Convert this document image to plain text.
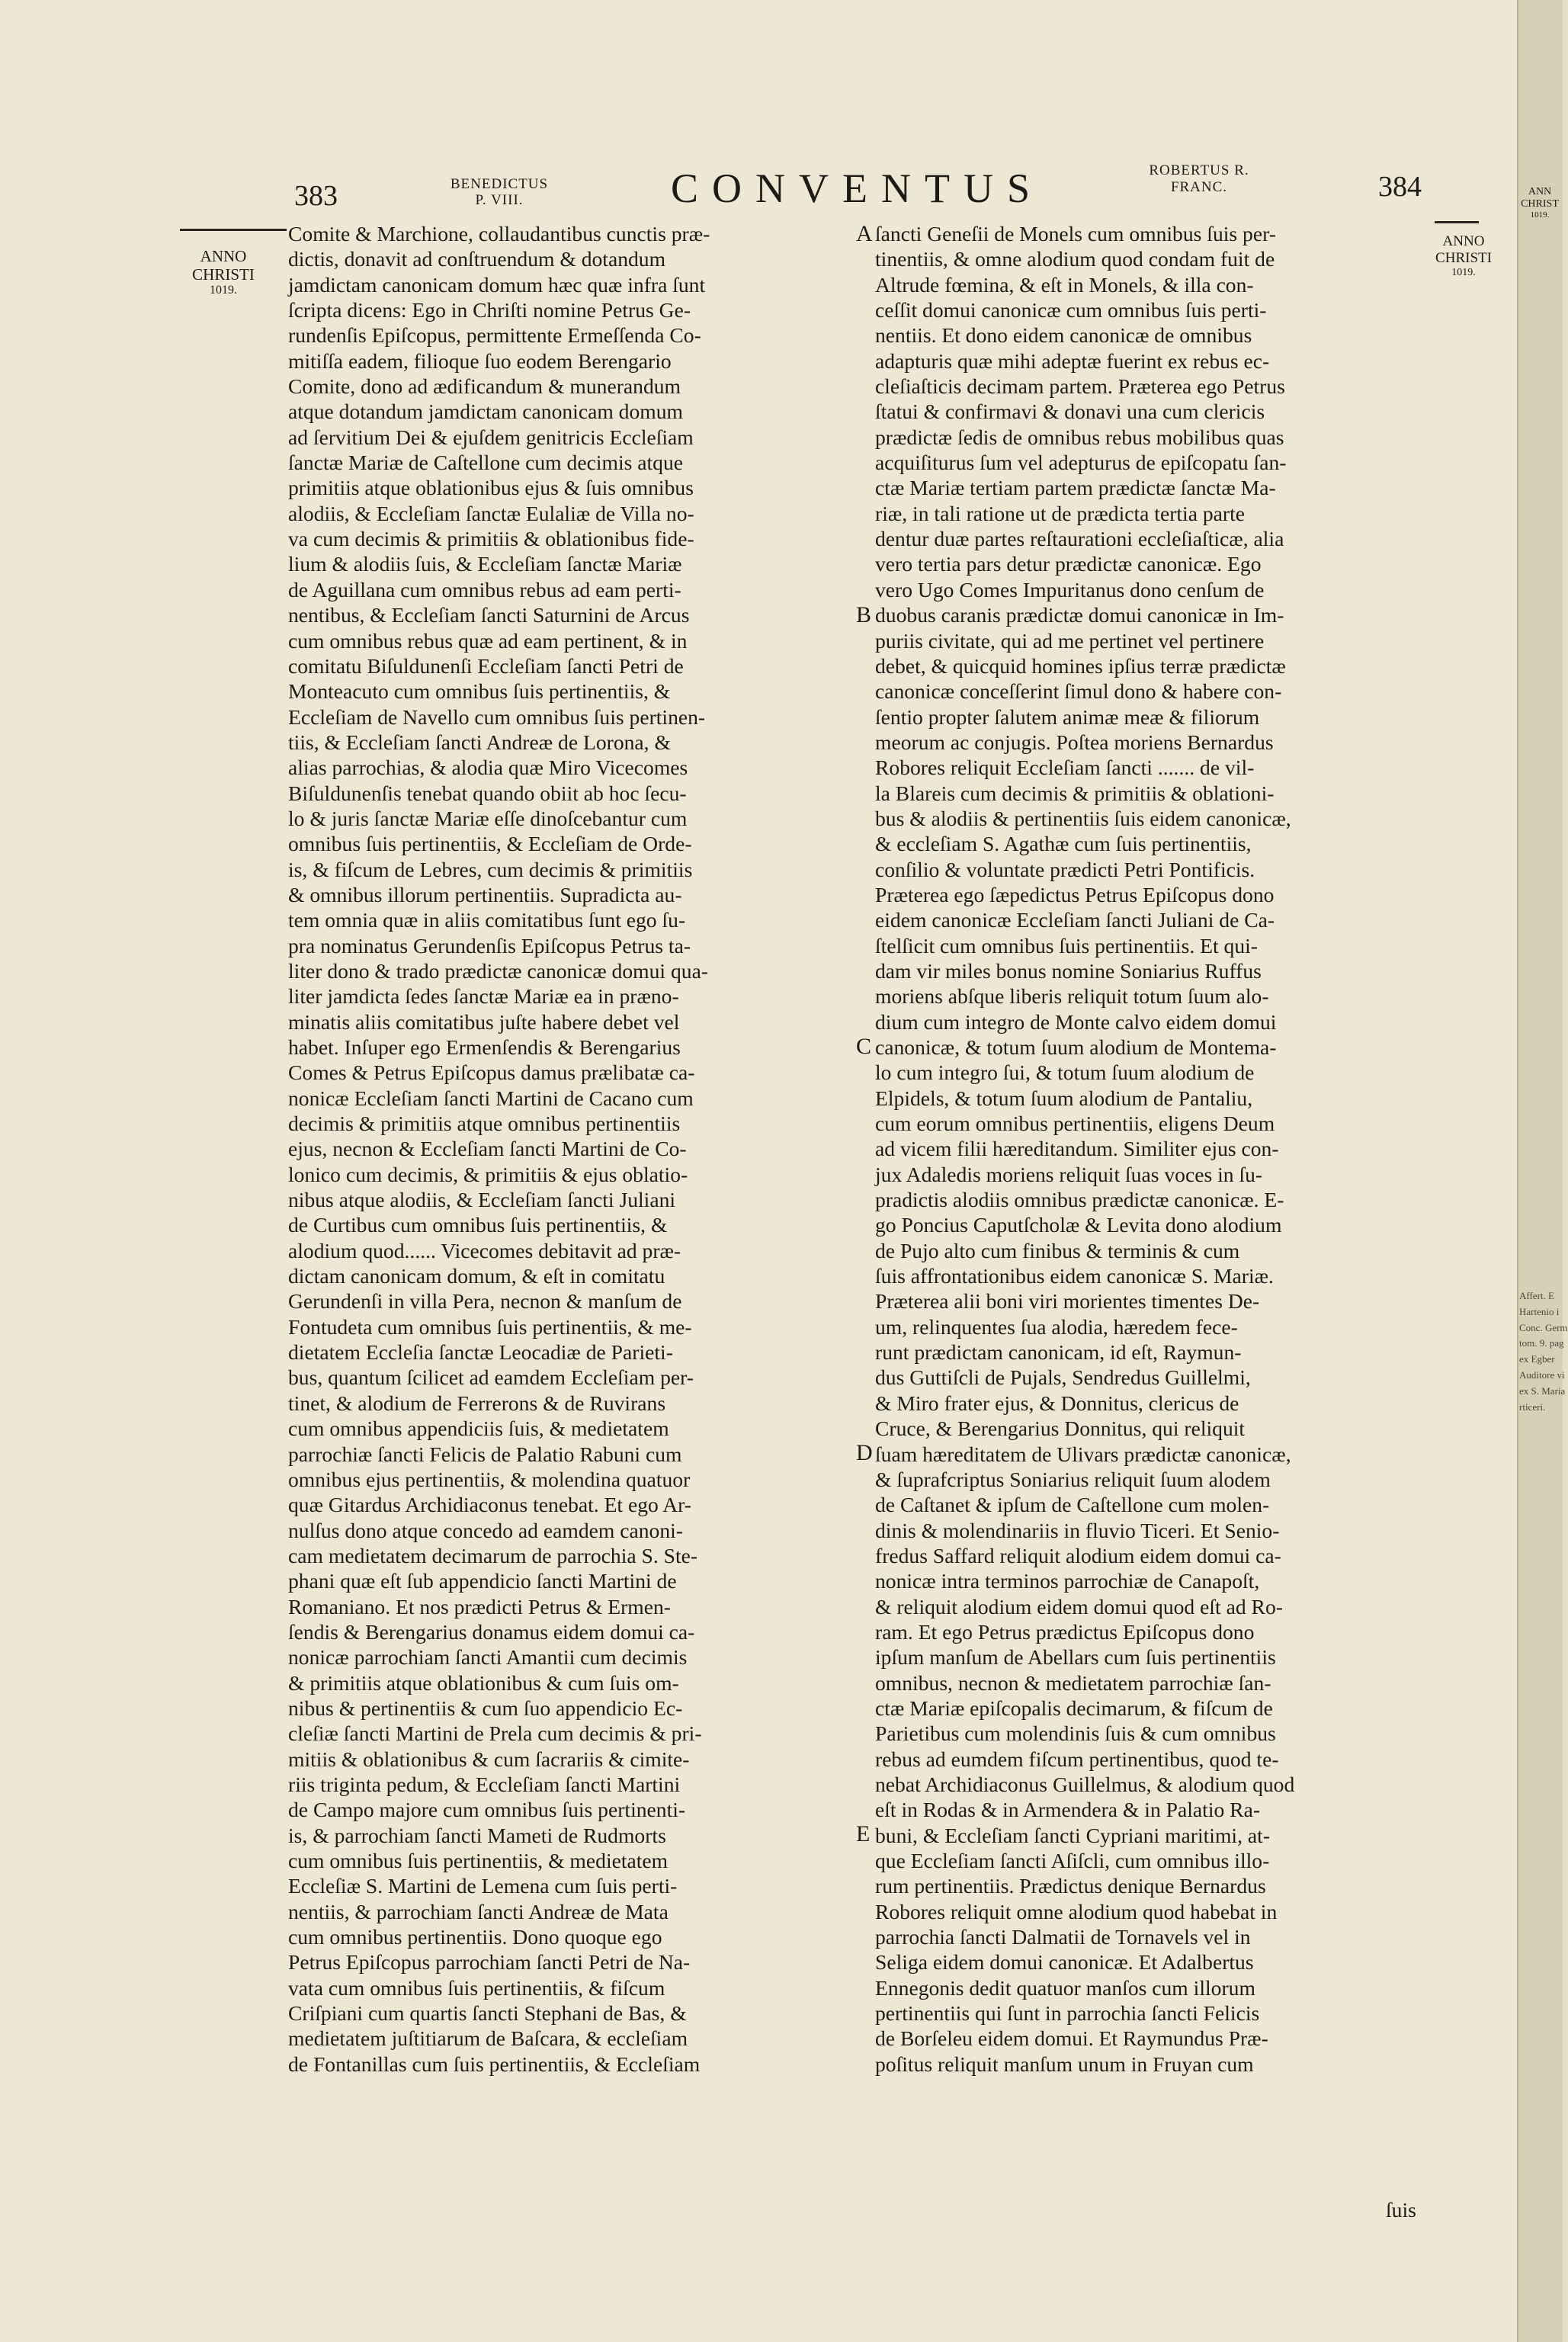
383	BENEDICTUS
P. VIII.	CONVENTUS	ROBERTUS R.
FRANC.	384
ANNO
CHRISTI
1019.
ANNO
CHRISTI
1019.
ANN
CHRIST
1019.
Affert. E
Hartenio i
Conc. Germ
tom. 9. pag
ex Egber
Auditore vi
ex S. Maria
rticeri.
A
B
C
D
E
Comite & Marchione, collaudantibus cunctis præ-
dictis, donavit ad conſtruendum & dotandum
jamdictam canonicam domum hæc quæ infra ſunt
ſcripta dicens: Ego in Chriſti nomine Petrus Ge-
rundenſis Epiſcopus, permittente Ermeſſenda Co-
mitiſſa eadem, filioque ſuo eodem Berengario
Comite, dono ad ædificandum & munerandum
atque dotandum jamdictam canonicam domum
ad ſervitium Dei & ejuſdem genitricis Eccleſiam
ſanctæ Mariæ de Caſtellone cum decimis atque
primitiis atque oblationibus ejus & ſuis omnibus
alodiis, & Eccleſiam ſanctæ Eulaliæ de Villa no-
va cum decimis & primitiis & oblationibus fide-
lium & alodiis ſuis, & Eccleſiam ſanctæ Mariæ
de Aguillana cum omnibus rebus ad eam perti-
nentibus, & Eccleſiam ſancti Saturnini de Arcus
cum omnibus rebus quæ ad eam pertinent, & in
comitatu Biſuldunenſi Eccleſiam ſancti Petri de
Monteacuto cum omnibus ſuis pertinentiis, &
Eccleſiam de Navello cum omnibus ſuis pertinen-
tiis, & Eccleſiam ſancti Andreæ de Lorona, &
alias parrochias, & alodia quæ Miro Vicecomes
Biſuldunenſis tenebat quando obiit ab hoc ſecu-
lo & juris ſanctæ Mariæ eſſe dinoſcebantur cum
omnibus ſuis pertinentiis, & Eccleſiam de Orde-
is, & fiſcum de Lebres, cum decimis & primitiis
& omnibus illorum pertinentiis. Supradicta au-
tem omnia quæ in aliis comitatibus ſunt ego ſu-
pra nominatus Gerundenſis Epiſcopus Petrus ta-
liter dono & trado prædictæ canonicæ domui qua-
liter jamdicta ſedes ſanctæ Mariæ ea in præno-
minatis aliis comitatibus juſte habere debet vel
habet. Inſuper ego Ermenſendis & Berengarius
Comes & Petrus Epiſcopus damus prælibatæ ca-
nonicæ Eccleſiam ſancti Martini de Cacano cum
decimis & primitiis atque omnibus pertinentiis
ejus, necnon & Eccleſiam ſancti Martini de Co-
lonico cum decimis, & primitiis & ejus oblatio-
nibus atque alodiis, & Eccleſiam ſancti Juliani
de Curtibus cum omnibus ſuis pertinentiis, &
alodium quod...... Vicecomes debitavit ad præ-
dictam canonicam domum, & eſt in comitatu
Gerundenſi in villa Pera, necnon & manſum de
Fontudeta cum omnibus ſuis pertinentiis, & me-
dietatem Eccleſia ſanctæ Leocadiæ de Parieti-
bus, quantum ſcilicet ad eamdem Eccleſiam per-
tinet, & alodium de Ferrerons & de Ruvirans
cum omnibus appendiciis ſuis, & medietatem
parrochiæ ſancti Felicis de Palatio Rabuni cum
omnibus ejus pertinentiis, & molendina quatuor
quæ Gitardus Archidiaconus tenebat. Et ego Ar-
nulſus dono atque concedo ad eamdem canoni-
cam medietatem decimarum de parrochia S. Ste-
phani quæ eſt ſub appendicio ſancti Martini de
Romaniano. Et nos prædicti Petrus & Ermen-
ſendis & Berengarius donamus eidem domui ca-
nonicæ parrochiam ſancti Amantii cum decimis
& primitiis atque oblationibus & cum ſuis om-
nibus & pertinentiis & cum ſuo appendicio Ec-
cleſiæ ſancti Martini de Prela cum decimis & pri-
mitiis & oblationibus & cum ſacrariis & cimite-
riis triginta pedum, & Eccleſiam ſancti Martini
de Campo majore cum omnibus ſuis pertinenti-
is, & parrochiam ſancti Mameti de Rudmorts
cum omnibus ſuis pertinentiis, & medietatem
Eccleſiæ S. Martini de Lemena cum ſuis perti-
nentiis, & parrochiam ſancti Andreæ de Mata
cum omnibus pertinentiis. Dono quoque ego
Petrus Epiſcopus parrochiam ſancti Petri de Na-
vata cum omnibus ſuis pertinentiis, & fiſcum
Criſpiani cum quartis ſancti Stephani de Bas, &
medietatem juſtitiarum de Baſcara, & eccleſiam
de Fontanillas cum ſuis pertinentiis, & Eccleſiam
ſancti Geneſii de Monels cum omnibus ſuis per-
tinentiis, & omne alodium quod condam fuit de
Altrude fœmina, & eſt in Monels, & illa con-
ceſſit domui canonicæ cum omnibus ſuis perti-
nentiis. Et dono eidem canonicæ de omnibus
adapturis quæ mihi adeptæ fuerint ex rebus ec-
cleſiaſticis decimam partem. Præterea ego Petrus
ſtatui & confirmavi & donavi una cum clericis
prædictæ ſedis de omnibus rebus mobilibus quas
acquiſiturus ſum vel adepturus de epiſcopatu ſan-
ctæ Mariæ tertiam partem prædictæ ſanctæ Ma-
riæ, in tali ratione ut de prædicta tertia parte
dentur duæ partes reſtaurationi eccleſiaſticæ, alia
vero tertia pars detur prædictæ canonicæ. Ego
vero Ugo Comes Impuritanus dono cenſum de
duobus caranis prædictæ domui canonicæ in Im-
puriis civitate, qui ad me pertinet vel pertinere
debet, & quicquid homines ipſius terræ prædictæ
canonicæ conceſſerint ſimul dono & habere con-
ſentio propter ſalutem animæ meæ & filiorum
meorum ac conjugis. Poſtea moriens Bernardus
Robores reliquit Eccleſiam ſancti ....... de vil-
la Blareis cum decimis & primitiis & oblationi-
bus & alodiis & pertinentiis ſuis eidem canonicæ,
& eccleſiam S. Agathæ cum ſuis pertinentiis,
conſilio & voluntate prædicti Petri Pontificis.
Præterea ego ſæpedictus Petrus Epiſcopus dono
eidem canonicæ Eccleſiam ſancti Juliani de Ca-
ſtelſicit cum omnibus ſuis pertinentiis. Et qui-
dam vir miles bonus nomine Soniarius Ruffus
moriens abſque liberis reliquit totum ſuum alo-
dium cum integro de Monte calvo eidem domui
canonicæ, & totum ſuum alodium de Montema-
lo cum integro ſui, & totum ſuum alodium de
Elpidels, & totum ſuum alodium de Pantaliu,
cum eorum omnibus pertinentiis, eligens Deum
ad vicem filii hæreditandum. Similiter ejus con-
jux Adaledis moriens reliquit ſuas voces in ſu-
pradictis alodiis omnibus prædictæ canonicæ. E-
go Poncius Caputſcholæ & Levita dono alodium
de Pujo alto cum finibus & terminis & cum
ſuis affrontationibus eidem canonicæ S. Mariæ.
Præterea alii boni viri morientes timentes De-
um, relinquentes ſua alodia, hæredem fece-
runt prædictam canonicam, id eſt, Raymun-
dus Guttiſcli de Pujals, Sendredus Guillelmi,
& Miro frater ejus, & Donnitus, clericus de
Cruce, & Berengarius Donnitus, qui reliquit
ſuam hæreditatem de Ulivars prædictæ canonicæ,
& ſuprafcriptus Soniarius reliquit ſuum alodem
de Caſtanet & ipſum de Caſtellone cum molen-
dinis & molendinariis in fluvio Ticeri. Et Senio-
fredus Saffard reliquit alodium eidem domui ca-
nonicæ intra terminos parrochiæ de Canapoſt,
& reliquit alodium eidem domui quod eſt ad Ro-
ram. Et ego Petrus prædictus Epiſcopus dono
ipſum manſum de Abellars cum ſuis pertinentiis
omnibus, necnon & medietatem parrochiæ ſan-
ctæ Mariæ epiſcopalis decimarum, & fiſcum de
Parietibus cum molendinis ſuis & cum omnibus
rebus ad eumdem fiſcum pertinentibus, quod te-
nebat Archidiaconus Guillelmus, & alodium quod
eſt in Rodas & in Armendera & in Palatio Ra-
buni, & Eccleſiam ſancti Cypriani maritimi, at-
que Eccleſiam ſancti Aſiſcli, cum omnibus illo-
rum pertinentiis. Prædictus denique Bernardus
Robores reliquit omne alodium quod habebat in
parrochia ſancti Dalmatii de Tornavels vel in
Seliga eidem domui canonicæ. Et Adalbertus
Ennegonis dedit quatuor manſos cum illorum
pertinentiis qui ſunt in parrochia ſancti Felicis
de Borſeleu eidem domui. Et Raymundus Præ-
poſitus reliquit manſum unum in Fruyan cum
ſuis
